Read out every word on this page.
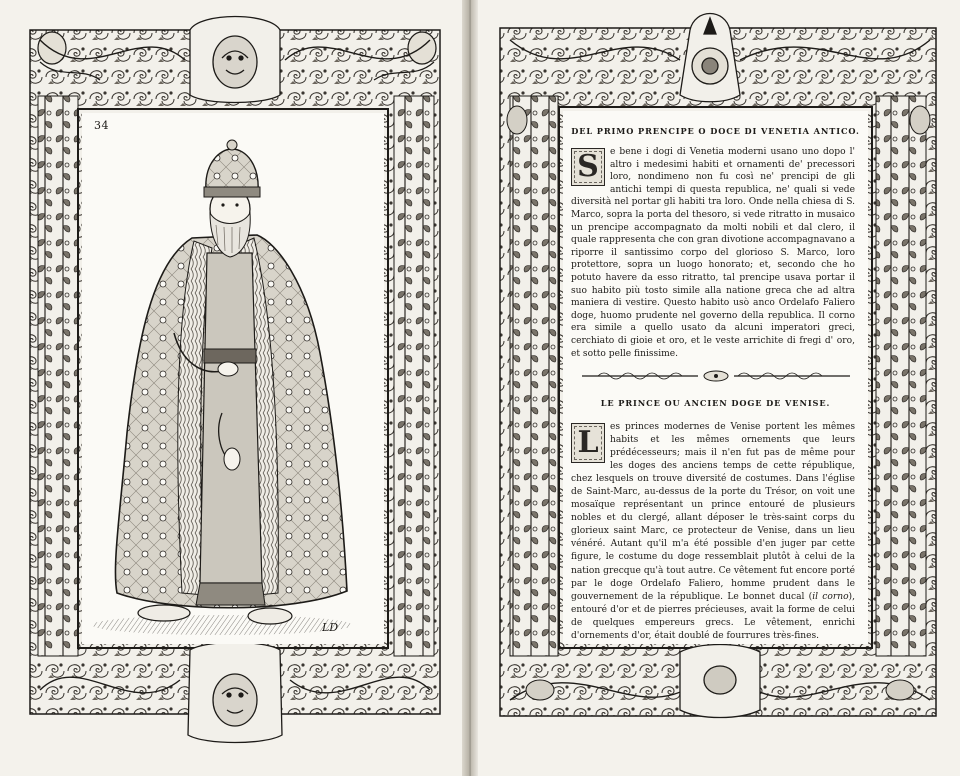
34
LD
DEL PRIMO PRENCIPE O DOCE DI VENETIA ANTICO.
S	e bene i dogi di Venetia moderni usano uno dopo l' altro i medesimi habiti et ornamenti de' precessori loro, nondimeno non fu così ne' prencipi de gli antichi tempi di questa republica, ne' quali si vede diversità nel portar gli habiti tra loro. Onde nella chiesa di S. Marco, sopra la porta del thesoro, si vede ritratto in musaico un prencipe accompagnato da molti nobili et dal clero, il quale rappresenta che con gran divotione accompagnavano a riporre il santissimo corpo del glorioso S. Marco, loro protettore, sopra un luogo honorato; et, secondo che ho potuto havere da esso ritratto, tal prencipe usava portar il suo habito più tosto simile alla natione greca che ad altra maniera di vestire. Questo habito usò anco Ordelafo Faliero doge, huomo prudente nel governo della republica. Il corno era simile a quello usato da alcuni imperatori greci, cerchiato di gioie et oro, et le veste arrichite di fregi d' oro, et sotto pelle finissime.
LE PRINCE OU ANCIEN DOGE DE VENISE.
L	es princes modernes de Venise portent les mêmes habits et les mêmes ornements que leurs prédécesseurs; mais il n'en fut pas de même pour les doges des anciens temps de cette république, chez lesquels on trouve diversité de costumes. Dans l'église de Saint-Marc, au-dessus de la porte du Trésor, on voit une mosaïque représentant un prince entouré de plusieurs nobles et du clergé, allant déposer le très-saint corps du glorieux saint Marc, ce protecteur de Venise, dans un lieu vénéré. Autant qu'il m'a été possible d'en juger par cette figure, le costume du doge ressemblait plutôt à celui de la nation grecque qu'à tout autre. Ce vêtement fut encore porté par le doge Ordelafo Faliero, homme prudent dans le gouvernement de la république. Le bonnet ducal (il corno), entouré d'or et de pierres précieuses, avait la forme de celui de quelques empereurs grecs. Le vêtement, enrichi d'ornements d'or, était doublé de fourrures très-fines.
